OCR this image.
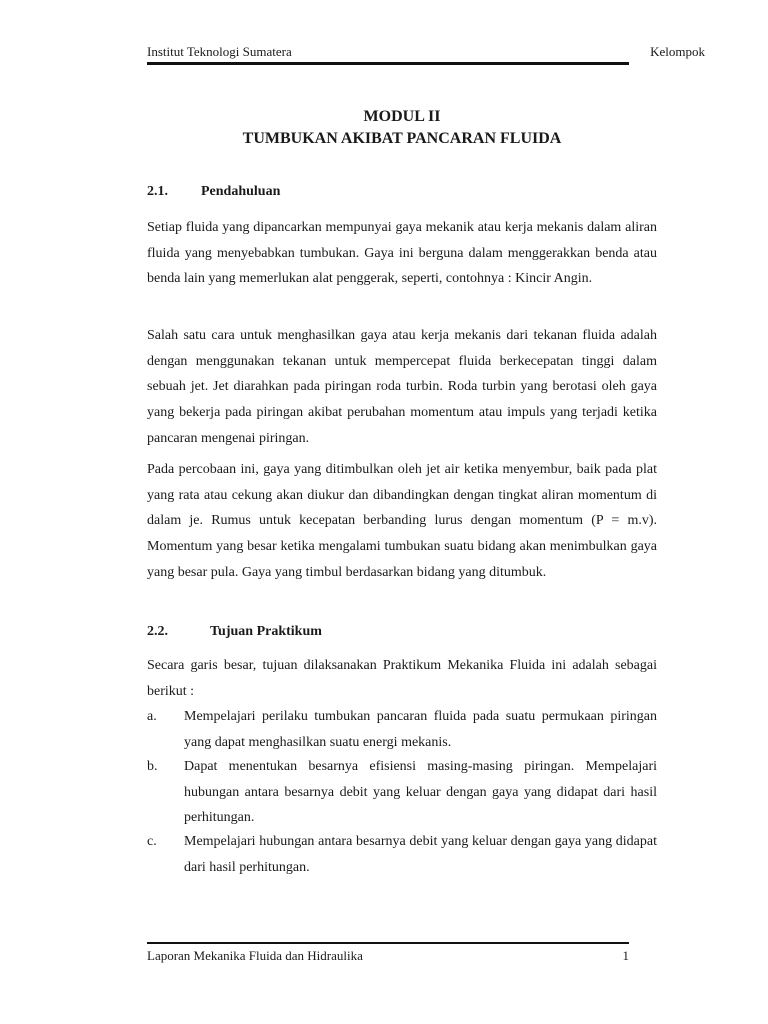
Institut Teknologi Sumatera	Kelompok
MODUL II
TUMBUKAN AKIBAT PANCARAN FLUIDA
2.1. Pendahuluan

Setiap fluida yang dipancarkan mempunyai gaya mekanik atau kerja mekanis dalam aliran fluida yang menyebabkan tumbukan. Gaya ini berguna dalam menggerakkan benda atau benda lain yang memerlukan alat penggerak, seperti, contohnya : Kincir Angin.

Salah satu cara untuk menghasilkan gaya atau kerja mekanis dari tekanan fluida adalah dengan menggunakan tekanan untuk mempercepat fluida berkecepatan tinggi dalam sebuah jet. Jet diarahkan pada piringan roda turbin. Roda turbin yang berotasi oleh gaya yang bekerja pada piringan akibat perubahan momentum atau impuls yang terjadi ketika pancaran mengenai piringan.

Pada percobaan ini, gaya yang ditimbulkan oleh jet air ketika menyembur, baik pada plat yang rata atau cekung akan diukur dan dibandingkan dengan tingkat aliran momentum di dalam je. Rumus untuk kecepatan berbanding lurus dengan momentum (P = m.v). Momentum yang besar ketika mengalami tumbukan suatu bidang akan menimbulkan gaya yang besar pula. Gaya yang timbul berdasarkan bidang yang ditumbuk.

2.2.	Tujuan Praktikum

Secara garis besar, tujuan dilaksanakan Praktikum Mekanika Fluida ini adalah sebagai berikut :

a. Mempelajari perilaku tumbukan pancaran fluida pada suatu permukaan piringan yang dapat menghasilkan suatu energi mekanis.
b. Dapat menentukan besarnya efisiensi masing-masing piringan. Mempelajari hubungan antara besarnya debit yang keluar dengan gaya yang didapat dari hasil perhitungan.
c. Mempelajari hubungan antara besarnya debit yang keluar dengan gaya yang didapat dari hasil perhitungan.
Laporan Mekanika Fluida dan Hidraulika	1
